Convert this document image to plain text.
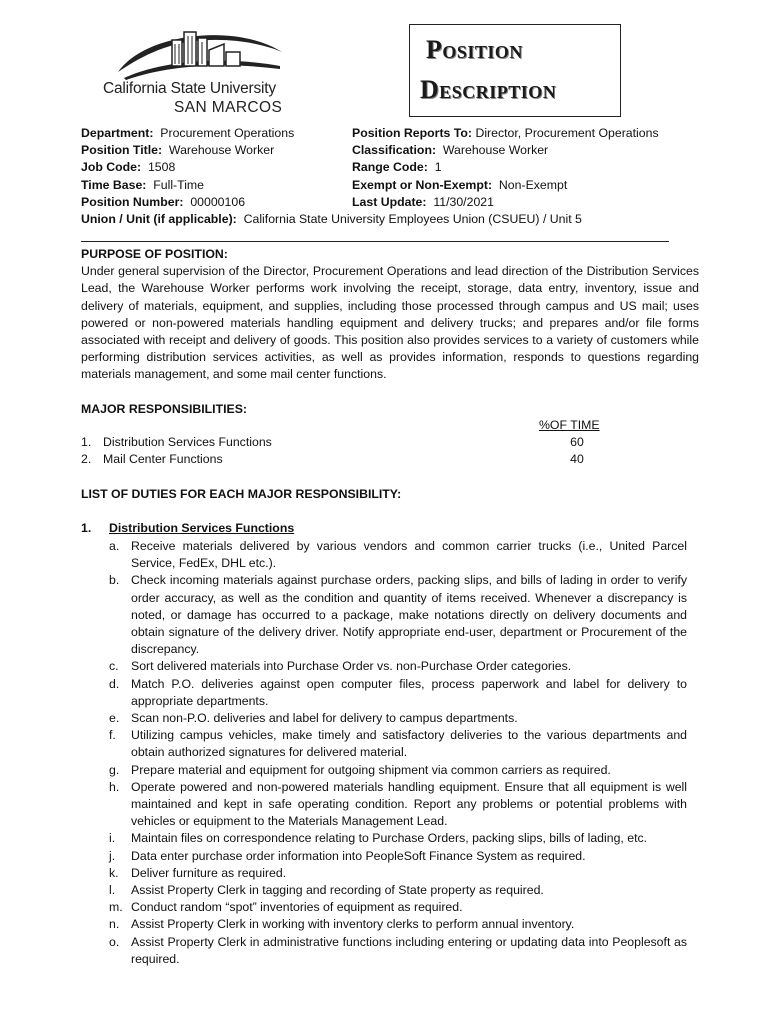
California State University
SAN MARCOS
Position
Description
Department: Procurement Operations
Position Title: Warehouse Worker
Job Code: 1508
Time Base: Full-Time
Position Number: 00000106
Position Reports To: Director, Procurement Operations
Classification: Warehouse Worker
Range Code: 1
Exempt or Non-Exempt: Non-Exempt
Last Update: 11/30/2021
Union / Unit (if applicable): California State University Employees Union (CSUEU) / Unit 5
PURPOSE OF POSITION:
Under general supervision of the Director, Procurement Operations and lead direction of the Distribution Services Lead, the Warehouse Worker performs work involving the receipt, storage, data entry, inventory, issue and delivery of materials, equipment, and supplies, including those processed through campus and US mail; uses powered or non-powered materials handling equipment and delivery trucks; and prepares and/or file forms associated with receipt and delivery of goods. This position also provides services to a variety of customers while performing distribution services activities, as well as provides information, responds to questions regarding materials management, and some mail center functions.
MAJOR RESPONSIBILITIES:
%OF TIME
1. Distribution Services Functions	60
2. Mail Center Functions	40
LIST OF DUTIES FOR EACH MAJOR RESPONSIBILITY:
1. Distribution Services Functions
a. Receive materials delivered by various vendors and common carrier trucks (i.e., United Parcel Service, FedEx, DHL etc.).
b. Check incoming materials against purchase orders, packing slips, and bills of lading in order to verify order accuracy, as well as the condition and quantity of items received. Whenever a discrepancy is noted, or damage has occurred to a package, make notations directly on delivery documents and obtain signature of the delivery driver. Notify appropriate end-user, department or Procurement of the discrepancy.
c. Sort delivered materials into Purchase Order vs. non-Purchase Order categories.
d. Match P.O. deliveries against open computer files, process paperwork and label for delivery to appropriate departments.
e. Scan non-P.O. deliveries and label for delivery to campus departments.
f. Utilizing campus vehicles, make timely and satisfactory deliveries to the various departments and obtain authorized signatures for delivered material.
g. Prepare material and equipment for outgoing shipment via common carriers as required.
h. Operate powered and non-powered materials handling equipment. Ensure that all equipment is well maintained and kept in safe operating condition. Report any problems or potential problems with vehicles or equipment to the Materials Management Lead.
i. Maintain files on correspondence relating to Purchase Orders, packing slips, bills of lading, etc.
j. Data enter purchase order information into PeopleSoft Finance System as required.
k. Deliver furniture as required.
l. Assist Property Clerk in tagging and recording of State property as required.
m. Conduct random “spot” inventories of equipment as required.
n. Assist Property Clerk in working with inventory clerks to perform annual inventory.
o. Assist Property Clerk in administrative functions including entering or updating data into Peoplesoft as required.
